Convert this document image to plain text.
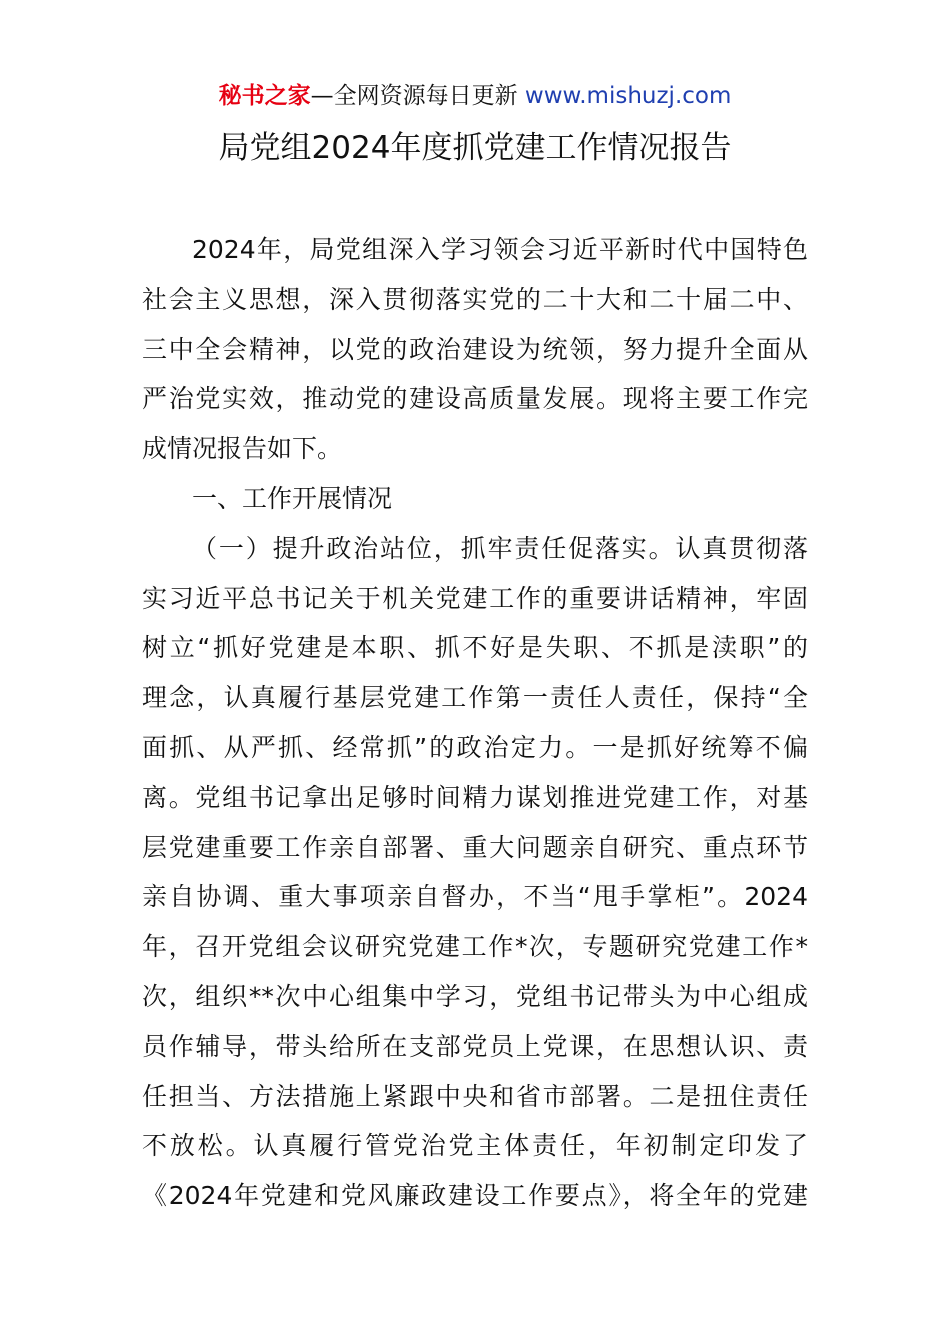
秘书之家—全网资源每日更新 www.mishuzj.com
局党组2024年度抓党建工作情况报告
2024年，局党组深入学习领会习近平新时代中国特色
社会主义思想，深入贯彻落实党的二十大和二十届二中、
三中全会精神，以党的政治建设为统领，努力提升全面从
严治党实效，推动党的建设高质量发展。现将主要工作完
成情况报告如下。
一、工作开展情况
（一）提升政治站位，抓牢责任促落实。认真贯彻落
实习近平总书记关于机关党建工作的重要讲话精神，牢固
树立“抓好党建是本职、抓不好是失职、不抓是渎职”的
理念，认真履行基层党建工作第一责任人责任，保持“全
面抓、从严抓、经常抓”的政治定力。一是抓好统筹不偏
离。党组书记拿出足够时间精力谋划推进党建工作，对基
层党建重要工作亲自部署、重大问题亲自研究、重点环节
亲自协调、重大事项亲自督办，不当“甩手掌柜”。2024
年，召开党组会议研究党建工作*次，专题研究党建工作*
次，组织**次中心组集中学习，党组书记带头为中心组成
员作辅导，带头给所在支部党员上党课，在思想认识、责
任担当、方法措施上紧跟中央和省市部署。二是扭住责任
不放松。认真履行管党治党主体责任，年初制定印发了
《2024年党建和党风廉政建设工作要点》，将全年的党建
